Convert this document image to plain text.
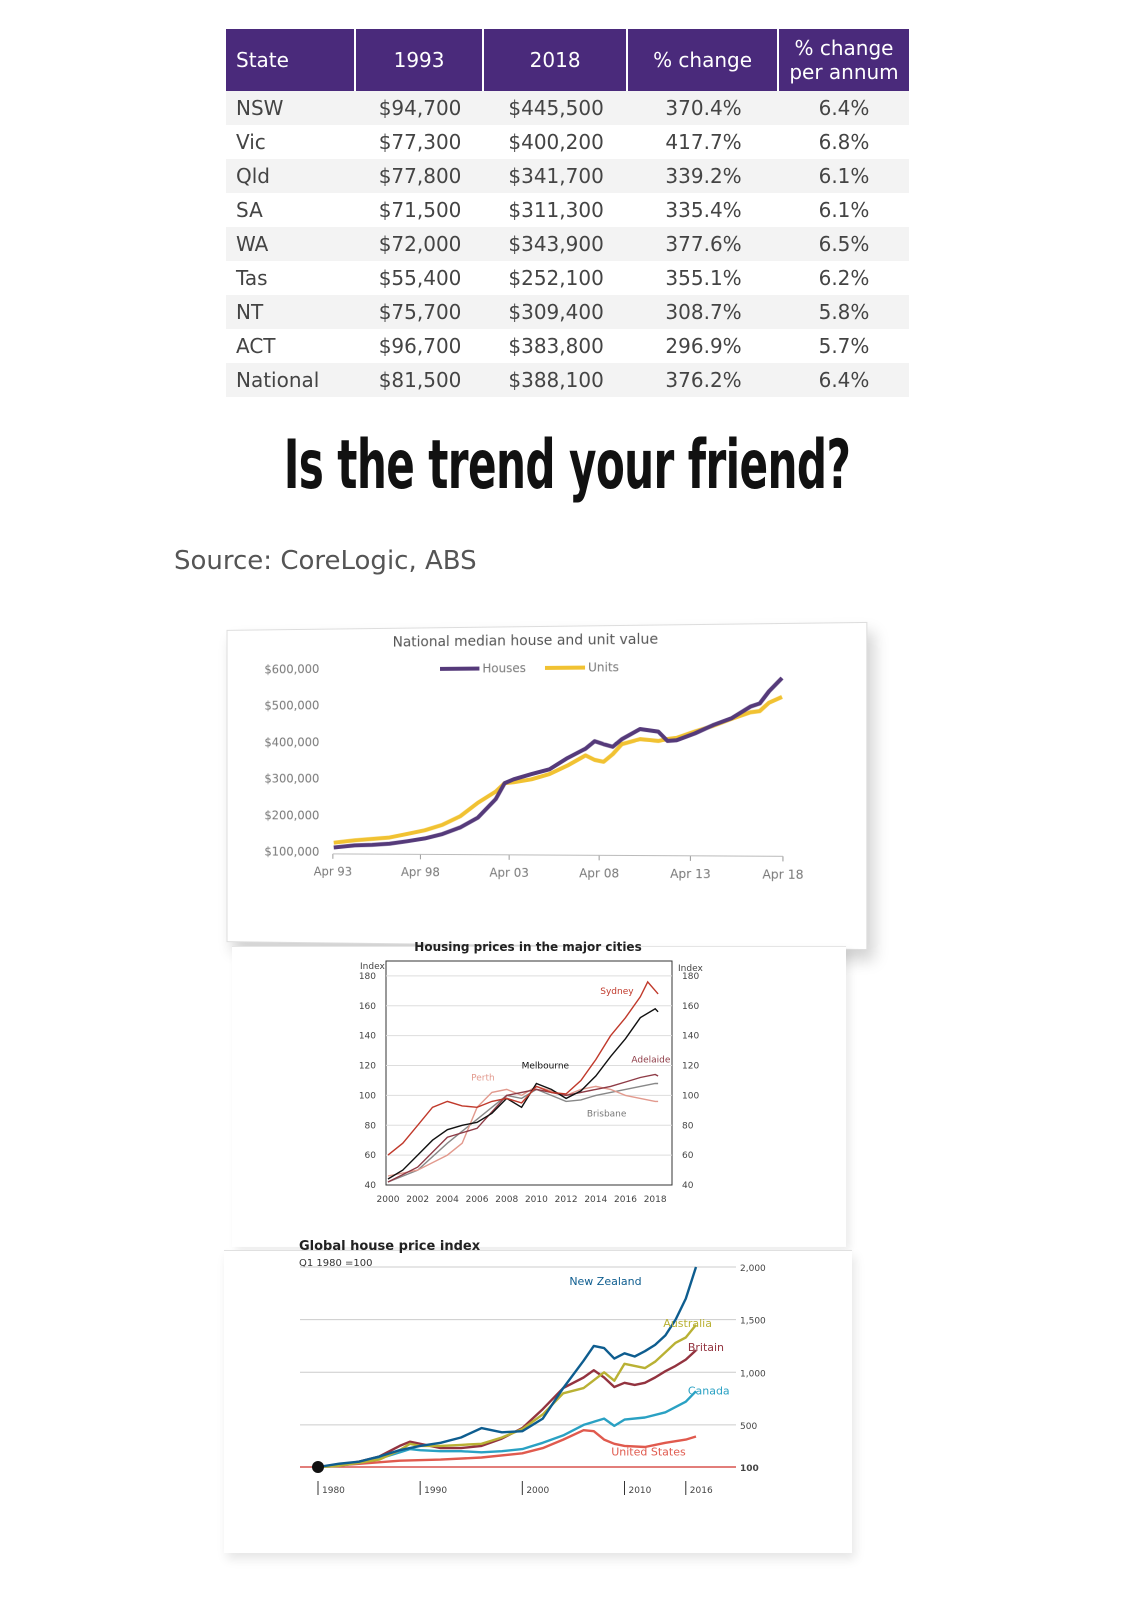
State	1993	2018	% change	% change per annum
NSW	$94,700	$445,500	370.4%	6.4%
Vic	$77,300	$400,200	417.7%	6.8%
Qld	$77,800	$341,700	339.2%	6.1%
SA	$71,500	$311,300	335.4%	6.1%
WA	$72,000	$343,900	377.6%	6.5%
Tas	$55,400	$252,100	355.1%	6.2%
NT	$75,700	$309,400	308.7%	5.8%
ACT	$96,700	$383,800	296.9%	5.7%
National	$81,500	$388,100	376.2%	6.4%
Is the trend your friend?
Source: CoreLogic, ABS
National median house and unit value
$100,000
$200,000
$300,000
$400,000
$500,000
$600,000
Apr 93	Apr 98	Apr 03	Apr 08	Apr 13	Apr 18
Houses	Units
Housing prices in the major cities
40	40
60	60
80	80
100	100
120	120
140	140
160	160
180	180
Index	Index
2000 2002 2004 2006 2008 2010 2012 2014 2016 2018
Sydney
Melbourne
Adelaide
Perth
Brisbane
Global house price index
Q1 1980 =100
100
500
1,000
1,500
2,000
1980	1990	2000	2010	2016
New Zealand
Australia
Britain
Canada
United States
